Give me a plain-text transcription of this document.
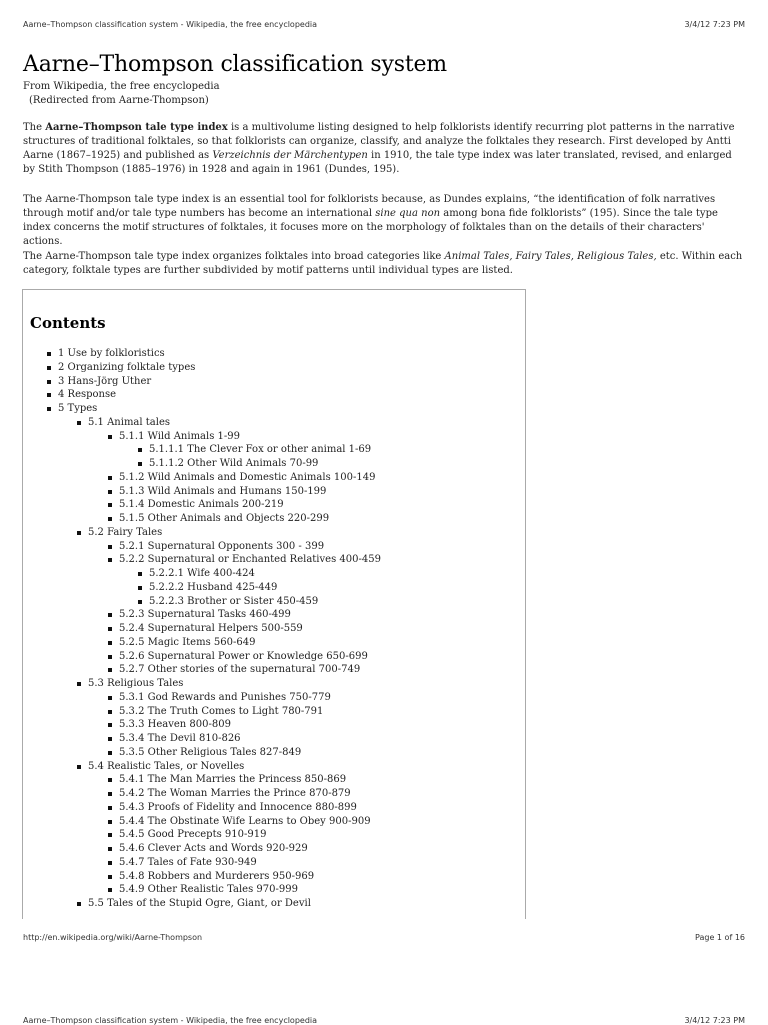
Aarne–Thompson classification system - Wikipedia, the free encyclopedia	3/4/12 7:23 PM
Aarne–Thompson classification system
From Wikipedia, the free encyclopedia
(Redirected from Aarne-Thompson)

The Aarne–Thompson tale type index is a multivolume listing designed to help folklorists identify recurring plot patterns in the narrative structures of traditional folktales, so that folklorists can organize, classify, and analyze the folktales they research. First developed by Antti Aarne (1867–1925) and published as Verzeichnis der Märchentypen in 1910, the tale type index was later translated, revised, and enlarged by Stith Thompson (1885–1976) in 1928 and again in 1961 (Dundes, 195).

The Aarne-Thompson tale type index is an essential tool for folklorists because, as Dundes explains, “the identification of folk narratives through motif and/or tale type numbers has become an international sine qua non among bona fide folklorists” (195). Since the tale type index concerns the motif structures of folktales, it focuses more on the morphology of folktales than on the details of their characters' actions.

The Aarne-Thompson tale type index organizes folktales into broad categories like Animal Tales, Fairy Tales, Religious Tales, etc. Within each category, folktale types are further subdivided by motif patterns until individual types are listed.

Contents
1 Use by folkloristics
2 Organizing folktale types
3 Hans-Jörg Uther
4 Response
5 Types
5.1 Animal tales
5.1.1 Wild Animals 1-99
5.1.1.1 The Clever Fox or other animal 1-69
5.1.1.2 Other Wild Animals 70-99
5.1.2 Wild Animals and Domestic Animals 100-149
5.1.3 Wild Animals and Humans 150-199
5.1.4 Domestic Animals 200-219
5.1.5 Other Animals and Objects 220-299
5.2 Fairy Tales
5.2.1 Supernatural Opponents 300 - 399
5.2.2 Supernatural or Enchanted Relatives 400-459
5.2.2.1 Wife 400-424
5.2.2.2 Husband 425-449
5.2.2.3 Brother or Sister 450-459
5.2.3 Supernatural Tasks 460-499
5.2.4 Supernatural Helpers 500-559
5.2.5 Magic Items 560-649
5.2.6 Supernatural Power or Knowledge 650-699
5.2.7 Other stories of the supernatural 700-749
5.3 Religious Tales
5.3.1 God Rewards and Punishes 750-779
5.3.2 The Truth Comes to Light 780-791
5.3.3 Heaven 800-809
5.3.4 The Devil 810-826
5.3.5 Other Religious Tales 827-849
5.4 Realistic Tales, or Novelles
5.4.1 The Man Marries the Princess 850-869
5.4.2 The Woman Marries the Prince 870-879
5.4.3 Proofs of Fidelity and Innocence 880-899
5.4.4 The Obstinate Wife Learns to Obey 900-909
5.4.5 Good Precepts 910-919
5.4.6 Clever Acts and Words 920-929
5.4.7 Tales of Fate 930-949
5.4.8 Robbers and Murderers 950-969
5.4.9 Other Realistic Tales 970-999
5.5 Tales of the Stupid Ogre, Giant, or Devil
http://en.wikipedia.org/wiki/Aarne-Thompson	Page 1 of 16
Aarne–Thompson classification system - Wikipedia, the free encyclopedia	3/4/12 7:23 PM
